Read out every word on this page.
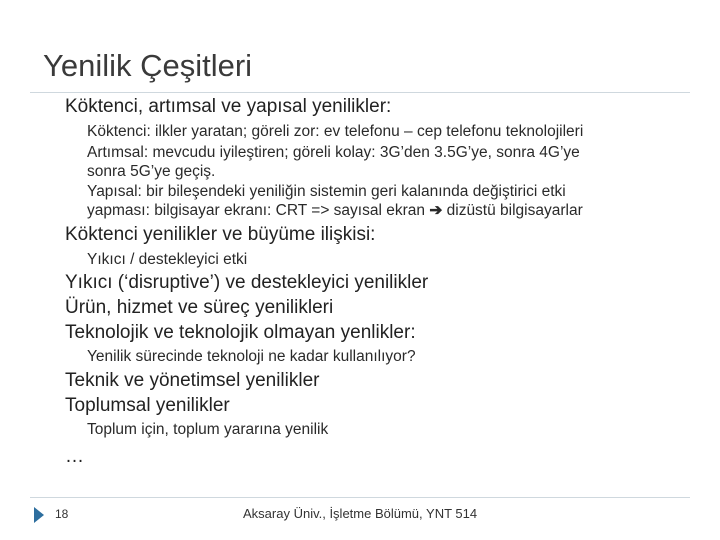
Yenilik Çeşitleri
Köktenci, artımsal ve yapısal yenilikler:
Köktenci: ilkler yaratan; göreli zor: ev telefonu – cep telefonu teknolojileri
Artımsal: mevcudu iyileştiren; göreli kolay: 3G’den 3.5G’ye, sonra 4G’ye
sonra 5G’ye geçiş.
Yapısal: bir bileşendeki yeniliğin sistemin geri kalanında değiştirici etki
yapması: bilgisayar ekranı: CRT => sayısal ekran ➔ dizüstü bilgisayarlar
Köktenci yenilikler ve büyüme ilişkisi:
Yıkıcı / destekleyici etki
Yıkıcı (‘disruptive’) ve destekleyici yenilikler
Ürün, hizmet ve süreç yenilikleri
Teknolojik ve teknolojik olmayan yenlikler:
Yenilik sürecinde teknoloji ne kadar kullanılıyor?
Teknik ve yönetimsel yenilikler
Toplumsal yenilikler
Toplum için, toplum yararına yenilik
…
18	Aksaray Üniv., İşletme Bölümü, YNT 514
